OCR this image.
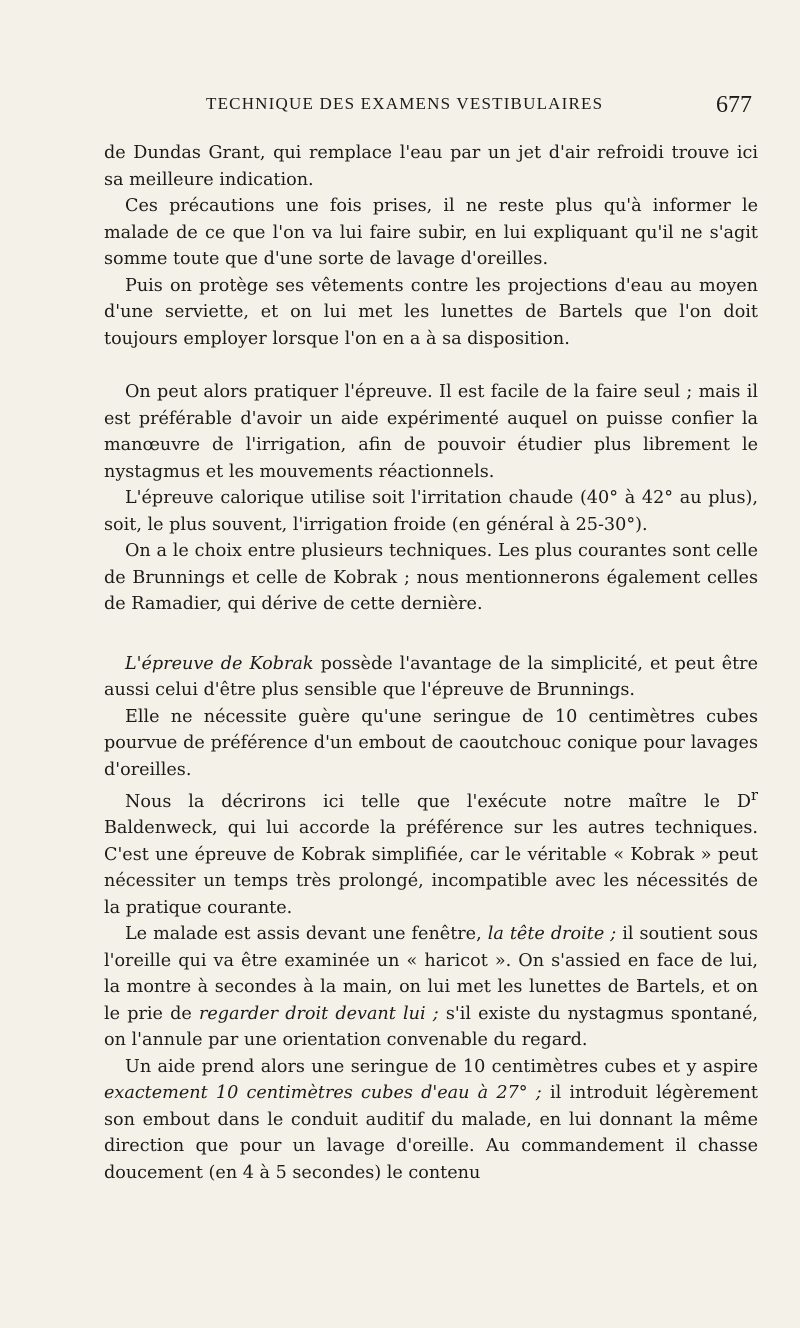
TECHNIQUE DES EXAMENS VESTIBULAIRES	677

de Dundas Grant, qui remplace l'eau par un jet d'air refroidi trouve ici sa meilleure indication.

Ces précautions une fois prises, il ne reste plus qu'à informer le malade de ce que l'on va lui faire subir, en lui expliquant qu'il ne s'agit somme toute que d'une sorte de lavage d'oreilles.

Puis on protège ses vêtements contre les projections d'eau au moyen d'une serviette, et on lui met les lunettes de Bartels que l'on doit toujours employer lorsque l'on en a à sa disposition.

On peut alors pratiquer l'épreuve. Il est facile de la faire seul ; mais il est préférable d'avoir un aide expérimenté auquel on puisse confier la manœuvre de l'irrigation, afin de pouvoir étudier plus librement le nystagmus et les mouvements réactionnels.

L'épreuve calorique utilise soit l'irritation chaude (40° à 42° au plus), soit, le plus souvent, l'irrigation froide (en général à 25-30°).

On a le choix entre plusieurs techniques. Les plus courantes sont celle de Brunnings et celle de Kobrak ; nous mentionnerons également celles de Ramadier, qui dérive de cette dernière.

L'épreuve de Kobrak possède l'avantage de la simplicité, et peut être aussi celui d'être plus sensible que l'épreuve de Brunnings.

Elle ne nécessite guère qu'une seringue de 10 centimètres cubes pourvue de préférence d'un embout de caoutchouc conique pour lavages d'oreilles.

Nous la décrirons ici telle que l'exécute notre maître le $D^r$ Baldenweck, qui lui accorde la préférence sur les autres techniques. C'est une épreuve de Kobrak simplifiée, car le véritable « Kobrak » peut nécessiter un temps très prolongé, incompatible avec les nécessités de la pratique courante.

Le malade est assis devant une fenêtre, la tête droite ; il soutient sous l'oreille qui va être examinée un « haricot ». On s'assied en face de lui, la montre à secondes à la main, on lui met les lunettes de Bartels, et on le prie de regarder droit devant lui ; s'il existe du nystagmus spontané, on l'annule par une orientation convenable du regard.

Un aide prend alors une seringue de 10 centimètres cubes et y aspire exactement 10 centimètres cubes d'eau à 27° ; il introduit légèrement son embout dans le conduit auditif du malade, en lui donnant la même direction que pour un lavage d'oreille. Au commandement il chasse doucement (en 4 à 5 secondes) le contenu
